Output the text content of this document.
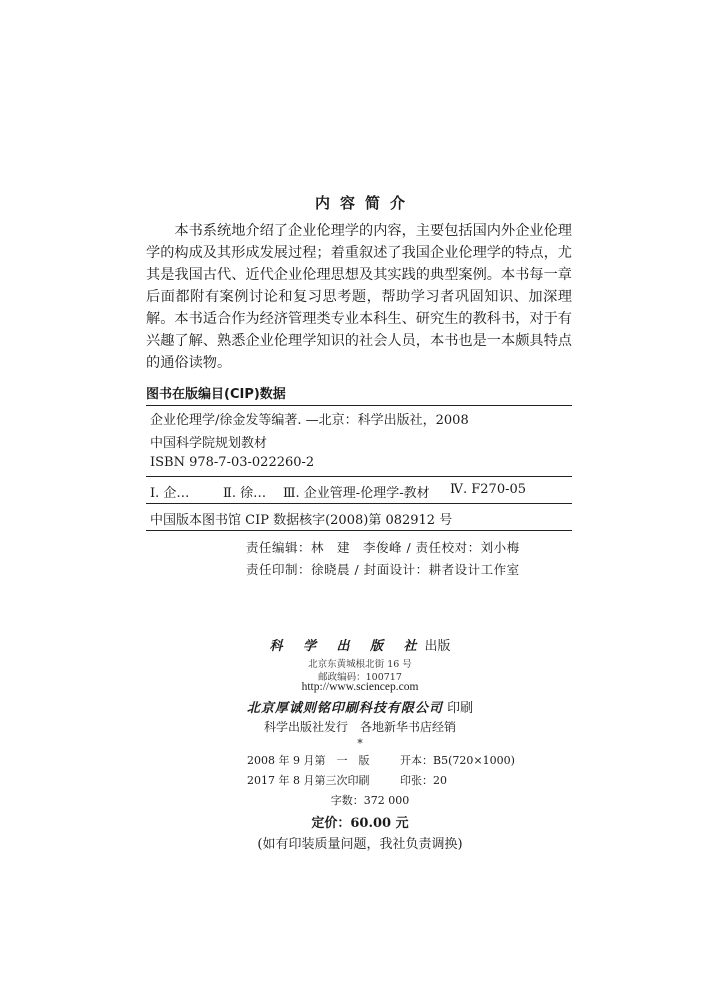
内容简介

本书系统地介绍了企业伦理学的内容，主要包括国内外企业伦理学的构成及其形成发展过程；着重叙述了我国企业伦理学的特点，尤其是我国古代、近代企业伦理思想及其实践的典型案例。本书每一章后面都附有案例讨论和复习思考题，帮助学习者巩固知识、加深理解。 本书适合作为经济管理类专业本科生、研究生的教科书，对于有兴趣了解、熟悉企业伦理学知识的社会人员，本书也是一本颇具特点的通俗读物。

图书在版编目(CIP)数据
企业伦理学/徐金发等编著. —北京：科学出版社，2008
中国科学院规划教材
ISBN 978-7-03-022260-2
Ⅰ. 企…	Ⅱ. 徐… Ⅲ. 企业管理-伦理学-教材 Ⅳ. F270-05
中国版本图书馆 CIP 数据核字(2008)第 082912 号
责任编辑：林　建　李俊峰 / 责任校对：刘小梅
责任印制：徐晓晨 / 封面设计：耕者设计工作室
科 学 出 版 社出版
北京东黄城根北街 16 号
邮政编码：100717
http://www.sciencep.com
北京厚诚则铭印刷科技有限公司 印刷
科学出版社发行　各地新华书店经销
*
2008 年 9 月第　一　版	开本：B5(720×1000)
2017 年 8 月第三次印刷	印张：20
字数：372 000
定价：60.00 元
(如有印装质量问题，我社负责调换)
